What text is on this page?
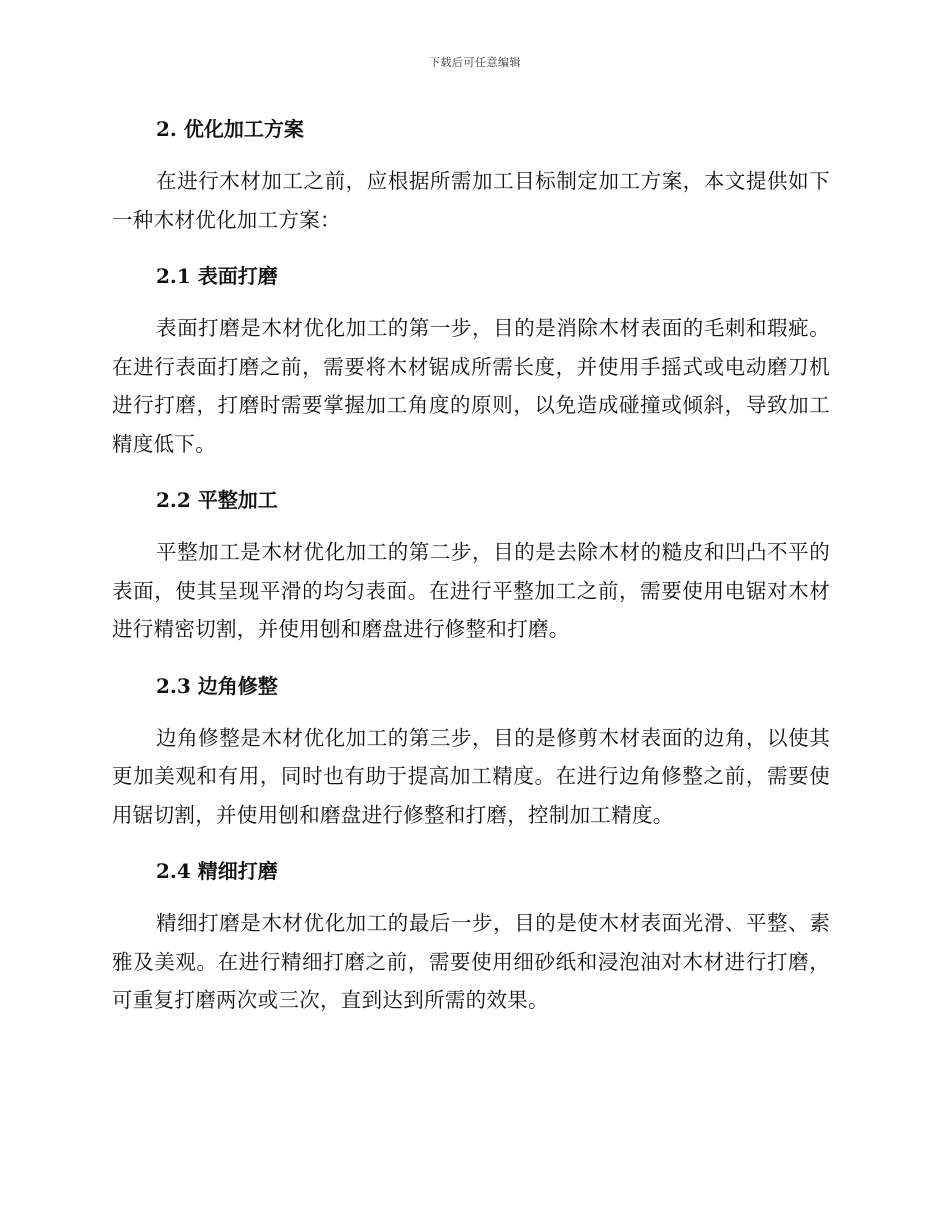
下载后可任意编辑
2. 优化加工方案

在进行木材加工之前，应根据所需加工目标制定加工方案，本文提供如下一种木材优化加工方案：

2.1 表面打磨

表面打磨是木材优化加工的第一步，目的是消除木材表面的毛刺和瑕疵。在进行表面打磨之前，需要将木材锯成所需长度，并使用手摇式或电动磨刀机进行打磨，打磨时需要掌握加工角度的原则，以免造成碰撞或倾斜，导致加工精度低下。

2.2 平整加工

平整加工是木材优化加工的第二步，目的是去除木材的糙皮和凹凸不平的表面，使其呈现平滑的均匀表面。在进行平整加工之前，需要使用电锯对木材进行精密切割，并使用刨和磨盘进行修整和打磨。

2.3 边角修整

边角修整是木材优化加工的第三步，目的是修剪木材表面的边角，以使其更加美观和有用，同时也有助于提高加工精度。在进行边角修整之前，需要使用锯切割，并使用刨和磨盘进行修整和打磨，控制加工精度。

2.4 精细打磨

精细打磨是木材优化加工的最后一步，目的是使木材表面光滑、平整、素雅及美观。在进行精细打磨之前，需要使用细砂纸和浸泡油对木材进行打磨，可重复打磨两次或三次，直到达到所需的效果。
